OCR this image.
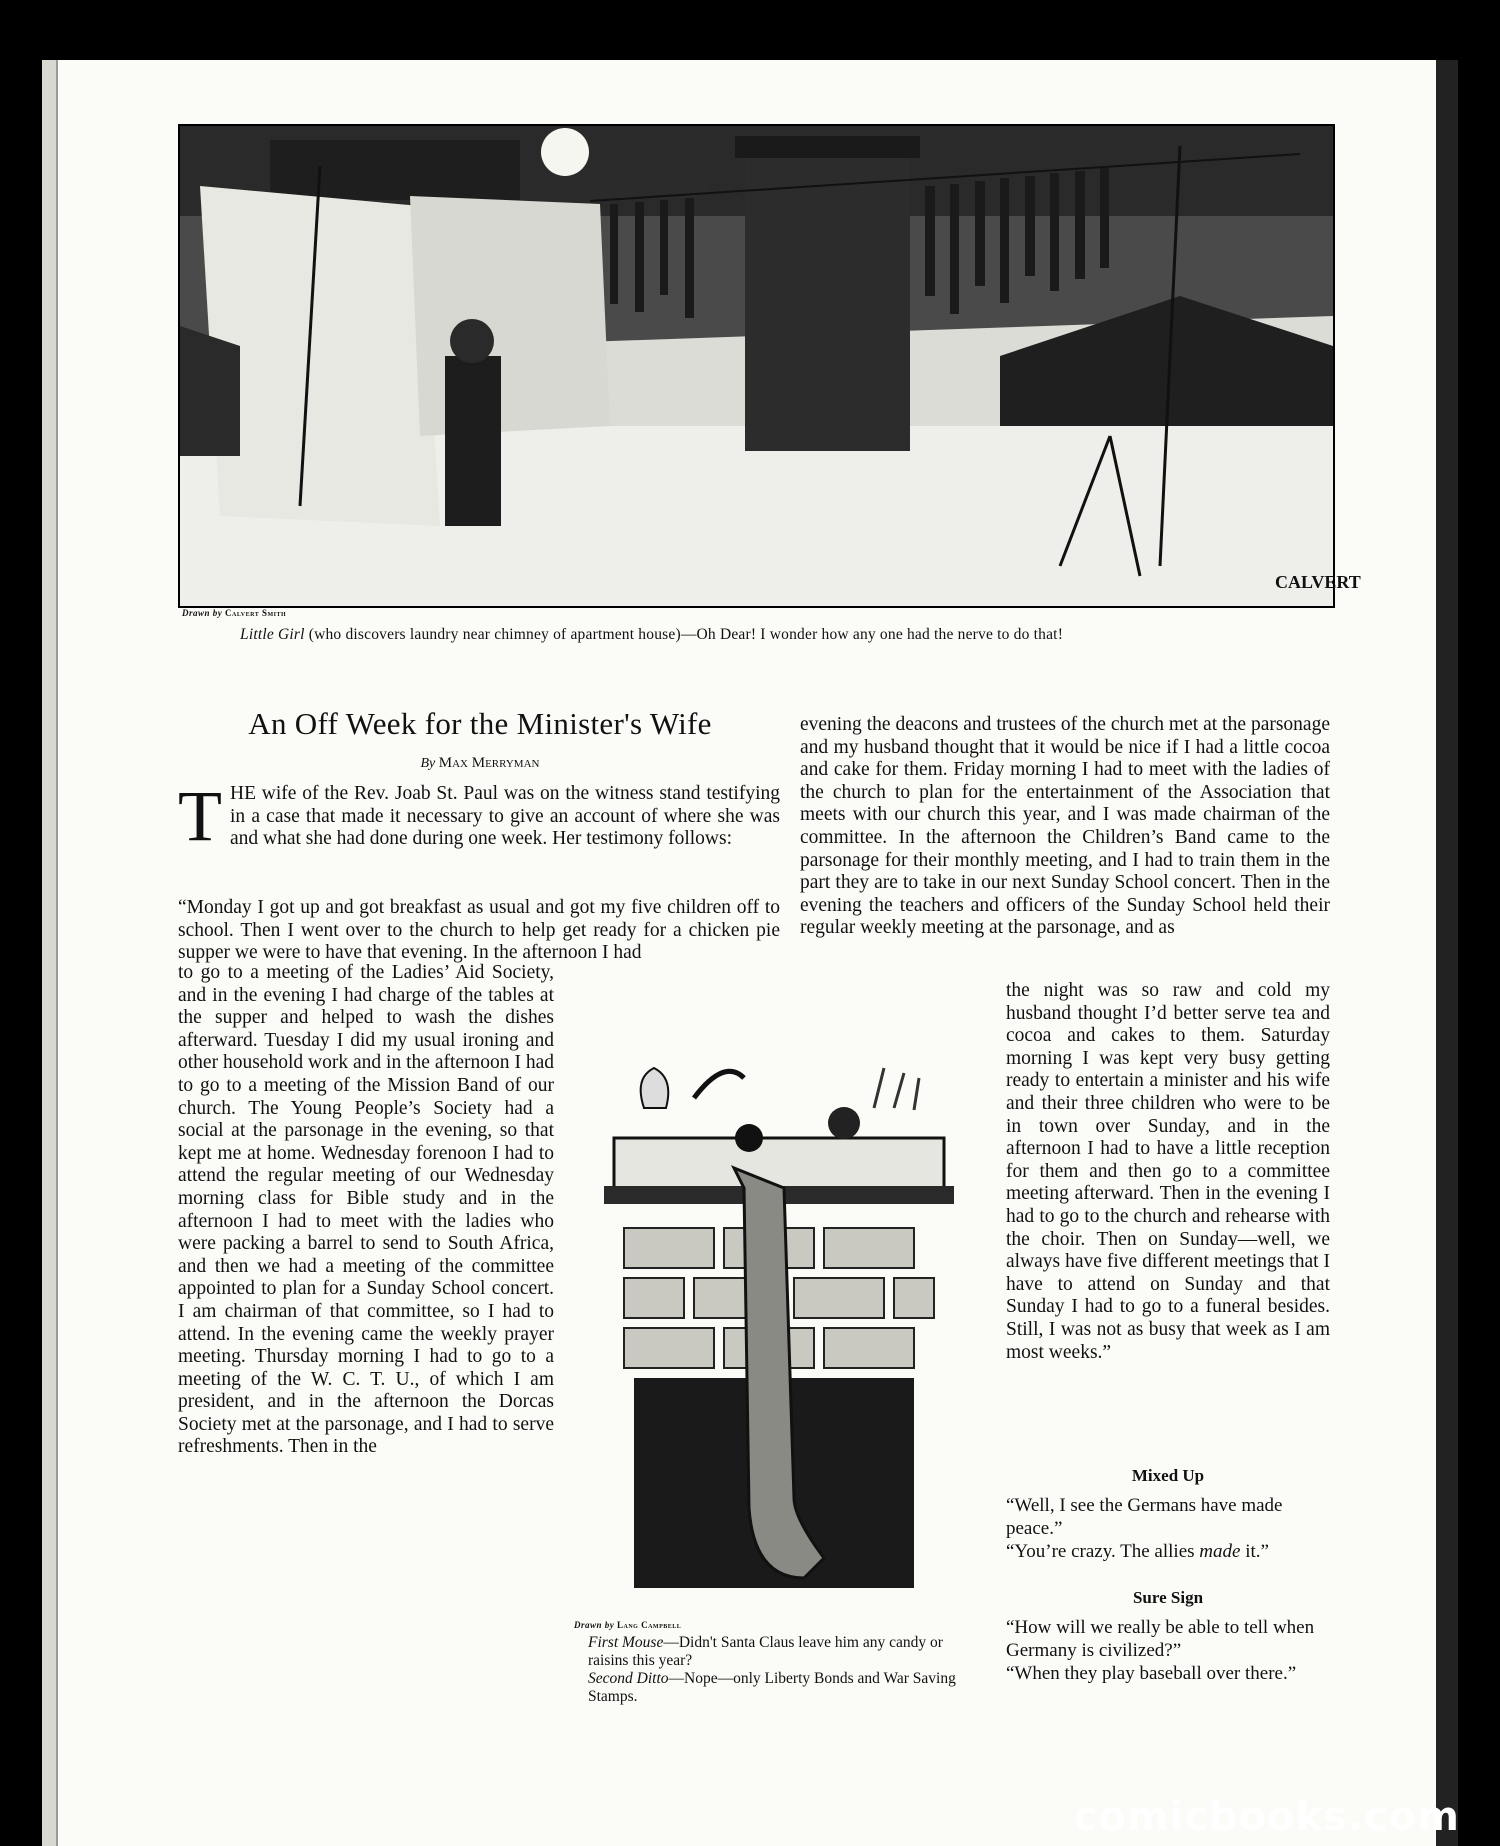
CALVERT
Drawn by Calvert Smith
Little Girl (who discovers laundry near chimney of apartment house)—Oh Dear! I wonder how any one had the nerve to do that!
An Off Week for the Minister's Wife
By Max Merryman
T HE wife of the Rev. Joab St. Paul was on the witness stand testifying in a case that made it necessary to give an account of where she was and what she had done during one week. Her testimony follows:

“Monday I got up and got breakfast as usual and got my five children off to school. Then I went over to the church to help get ready for a chicken pie supper we were to have that evening. In the afternoon I had

to go to a meeting of the Ladies’ Aid Society, and in the evening I had charge of the tables at the supper and helped to wash the dishes afterward. Tuesday I did my usual ironing and other household work and in the afternoon I had to go to a meeting of the Mission Band of our church. The Young People’s Society had a social at the parsonage in the evening, so that kept me at home. Wednesday forenoon I had to attend the regular meeting of our Wednesday morning class for Bible study and in the afternoon I had to meet with the ladies who were packing a barrel to send to South Africa, and then we had a meeting of the committee appointed to plan for a Sunday School concert. I am chairman of that committee, so I had to attend. In the evening came the weekly prayer meeting. Thursday morning I had to go to a meeting of the W. C. T. U., of which I am president, and in the afternoon the Dorcas Society met at the parsonage, and I had to serve refreshments. Then in the

evening the deacons and trustees of the church met at the parsonage and my husband thought that it would be nice if I had a little cocoa and cake for them. Friday morning I had to meet with the ladies of the church to plan for the entertainment of the Association that meets with our church this year, and I was made chairman of the committee. In the afternoon the Children’s Band came to the parsonage for their monthly meeting, and I had to train them in the part they are to take in our next Sunday School concert. Then in the evening the teachers and officers of the Sunday School held their regular weekly meeting at the parsonage, and as

the night was so raw and cold my husband thought I’d better serve tea and cocoa and cakes to them. Saturday morning I was kept very busy getting ready to entertain a minister and his wife and their three children who were to be in town over Sunday, and in the afternoon I had to have a little reception for them and then go to a committee meeting afterward. Then in the evening I had to go to the church and rehearse with the choir. Then on Sunday—well, we always have five different meetings that I have to attend on Sunday and that Sunday I had to go to a funeral besides. Still, I was not as busy that week as I am most weeks.”

Drawn by Lang Campbell
First Mouse—Didn't Santa Claus leave him any candy or raisins this year?
Second Ditto—Nope—only Liberty Bonds and War Saving Stamps.
Mixed Up
“Well, I see the Germans have made peace.”
“You’re crazy. The allies made it.”
Sure Sign
“How will we really be able to tell when Germany is civilized?”
“When they play baseball over there.”
comicbooks.com
